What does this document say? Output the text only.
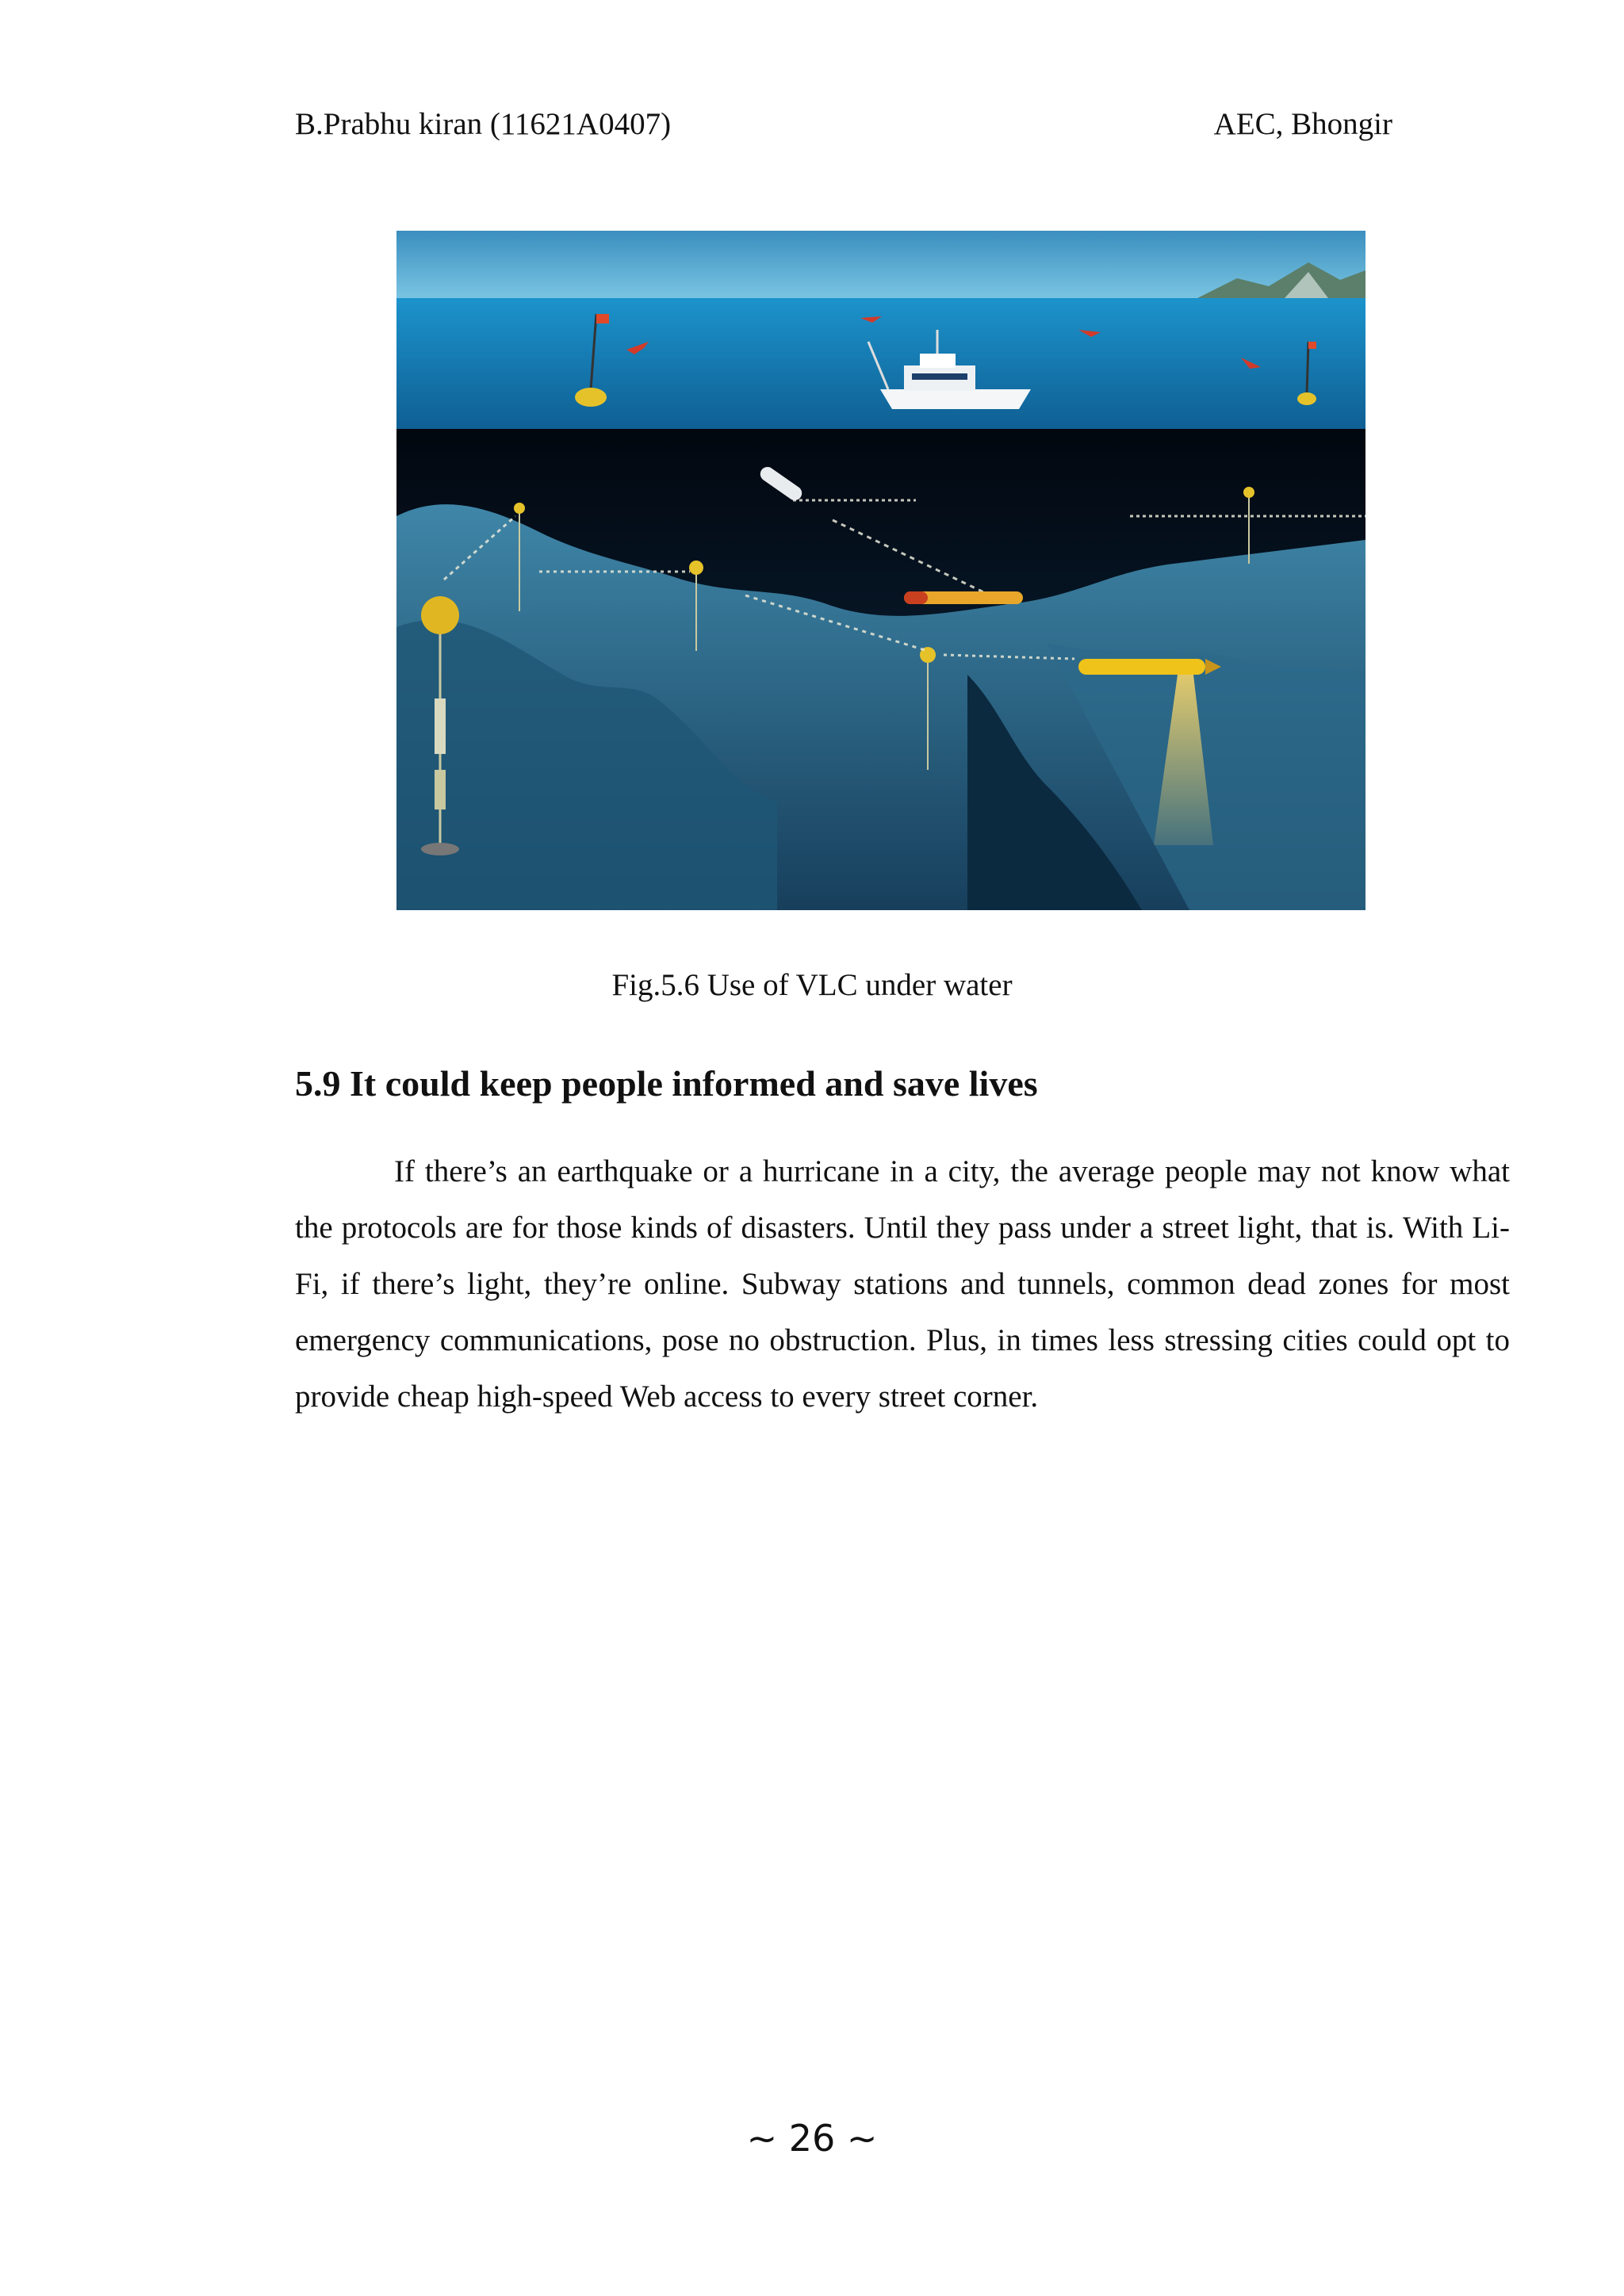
B.Prabhu kiran (11621A0407)	AEC, Bhongir
Fig.5.6 Use of VLC under water
5.9 It could keep people informed and save lives

If there’s an earthquake or a hurricane in a city, the average people may not know what the protocols are for those kinds of disasters. Until they pass under a street light, that is. With Li-Fi, if there’s light, they’re online. Subway stations and tunnels, common dead zones for most emergency communications, pose no obstruction. Plus, in times less stressing cities could opt to provide cheap high-speed Web access to every street corner.

~ 26 ~
